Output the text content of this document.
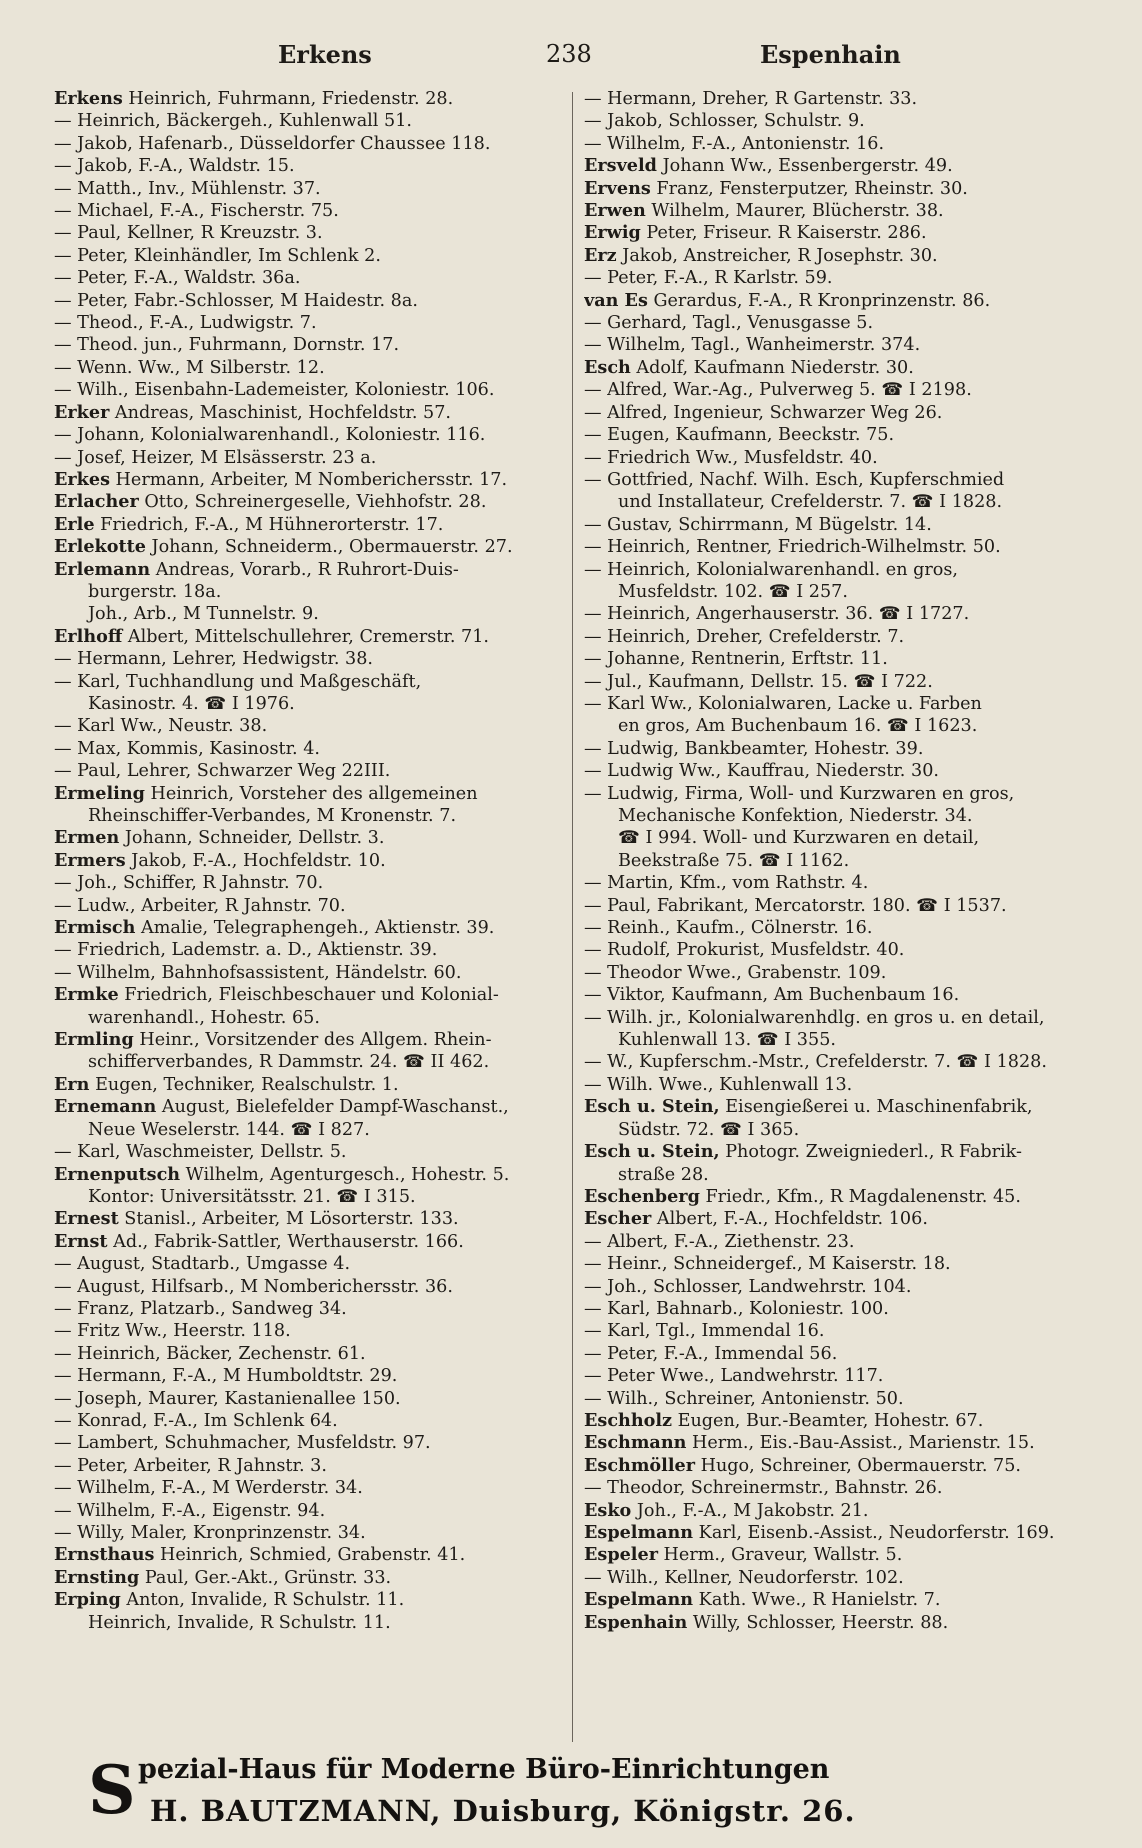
Erkens	238	Espenhain
Erkens Heinrich, Fuhrmann, Friedenstr. 28.
— Heinrich, Bäckergeh., Kuhlenwall 51.
— Jakob, Hafenarb., Düsseldorfer Chaussee 118.
— Jakob, F.-A., Waldstr. 15.
— Matth., Inv., Mühlenstr. 37.
— Michael, F.-A., Fischerstr. 75.
— Paul, Kellner, R Kreuzstr. 3.
— Peter, Kleinhändler, Im Schlenk 2.
— Peter, F.-A., Waldstr. 36a.
— Peter, Fabr.-Schlosser, M Haidestr. 8a.
— Theod., F.-A., Ludwigstr. 7.
— Theod. jun., Fuhrmann, Dornstr. 17.
— Wenn. Ww., M Silberstr. 12.
— Wilh., Eisenbahn-Lademeister, Koloniestr. 106.
Erker Andreas, Maschinist, Hochfeldstr. 57.
— Johann, Kolonialwarenhandl., Koloniestr. 116.
— Josef, Heizer, M Elsässerstr. 23 a.
Erkes Hermann, Arbeiter, M Nomberichersstr. 17.
Erlacher Otto, Schreinergeselle, Viehhofstr. 28.
Erle Friedrich, F.-A., M Hühnerorterstr. 17.
Erlekotte Johann, Schneiderm., Obermauerstr. 27.
Erlemann Andreas, Vorarb., R Ruhrort-Duis-
burgerstr. 18a.
Joh., Arb., M Tunnelstr. 9.
Erlhoff Albert, Mittelschullehrer, Cremerstr. 71.
— Hermann, Lehrer, Hedwigstr. 38.
— Karl, Tuchhandlung und Maßgeschäft,
Kasinostr. 4. ☎ I 1976.
— Karl Ww., Neustr. 38.
— Max, Kommis, Kasinostr. 4.
— Paul, Lehrer, Schwarzer Weg 22III.
Ermeling Heinrich, Vorsteher des allgemeinen
Rheinschiffer-Verbandes, M Kronenstr. 7.
Ermen Johann, Schneider, Dellstr. 3.
Ermers Jakob, F.-A., Hochfeldstr. 10.
— Joh., Schiffer, R Jahnstr. 70.
— Ludw., Arbeiter, R Jahnstr. 70.
Ermisch Amalie, Telegraphengeh., Aktienstr. 39.
— Friedrich, Lademstr. a. D., Aktienstr. 39.
— Wilhelm, Bahnhofsassistent, Händelstr. 60.
Ermke Friedrich, Fleischbeschauer und Kolonial-
warenhandl., Hohestr. 65.
Ermling Heinr., Vorsitzender des Allgem. Rhein-
schifferverbandes, R Dammstr. 24. ☎ II 462.
Ern Eugen, Techniker, Realschulstr. 1.
Ernemann August, Bielefelder Dampf-Waschanst.,
Neue Weselerstr. 144. ☎ I 827.
— Karl, Waschmeister, Dellstr. 5.
Ernenputsch Wilhelm, Agenturgesch., Hohestr. 5.
Kontor: Universitätsstr. 21. ☎ I 315.
Ernest Stanisl., Arbeiter, M Lösorterstr. 133.
Ernst Ad., Fabrik-Sattler, Werthauserstr. 166.
— August, Stadtarb., Umgasse 4.
— August, Hilfsarb., M Nomberichersstr. 36.
— Franz, Platzarb., Sandweg 34.
— Fritz Ww., Heerstr. 118.
— Heinrich, Bäcker, Zechenstr. 61.
— Hermann, F.-A., M Humboldtstr. 29.
— Joseph, Maurer, Kastanienallee 150.
— Konrad, F.-A., Im Schlenk 64.
— Lambert, Schuhmacher, Musfeldstr. 97.
— Peter, Arbeiter, R Jahnstr. 3.
— Wilhelm, F.-A., M Werderstr. 34.
— Wilhelm, F.-A., Eigenstr. 94.
— Willy, Maler, Kronprinzenstr. 34.
Ernsthaus Heinrich, Schmied, Grabenstr. 41.
Ernsting Paul, Ger.-Akt., Grünstr. 33.
Erping Anton, Invalide, R Schulstr. 11.
Heinrich, Invalide, R Schulstr. 11.
— Hermann, Dreher, R Gartenstr. 33.
— Jakob, Schlosser, Schulstr. 9.
— Wilhelm, F.-A., Antonienstr. 16.
Ersveld Johann Ww., Essenbergerstr. 49.
Ervens Franz, Fensterputzer, Rheinstr. 30.
Erwen Wilhelm, Maurer, Blücherstr. 38.
Erwig Peter, Friseur. R Kaiserstr. 286.
Erz Jakob, Anstreicher, R Josephstr. 30.
— Peter, F.-A., R Karlstr. 59.
van Es Gerardus, F.-A., R Kronprinzenstr. 86.
— Gerhard, Tagl., Venusgasse 5.
— Wilhelm, Tagl., Wanheimerstr. 374.
Esch Adolf, Kaufmann Niederstr. 30.
— Alfred, War.-Ag., Pulverweg 5. ☎ I 2198.
— Alfred, Ingenieur, Schwarzer Weg 26.
— Eugen, Kaufmann, Beeckstr. 75.
— Friedrich Ww., Musfeldstr. 40.
— Gottfried, Nachf. Wilh. Esch, Kupferschmied
und Installateur, Crefelderstr. 7. ☎ I 1828.
— Gustav, Schirrmann, M Bügelstr. 14.
— Heinrich, Rentner, Friedrich-Wilhelmstr. 50.
— Heinrich, Kolonialwarenhandl. en gros,
Musfeldstr. 102. ☎ I 257.
— Heinrich, Angerhauserstr. 36. ☎ I 1727.
— Heinrich, Dreher, Crefelderstr. 7.
— Johanne, Rentnerin, Erftstr. 11.
— Jul., Kaufmann, Dellstr. 15. ☎ I 722.
— Karl Ww., Kolonialwaren, Lacke u. Farben
en gros, Am Buchenbaum 16. ☎ I 1623.
— Ludwig, Bankbeamter, Hohestr. 39.
— Ludwig Ww., Kauffrau, Niederstr. 30.
— Ludwig, Firma, Woll- und Kurzwaren en gros,
Mechanische Konfektion, Niederstr. 34.
☎ I 994. Woll- und Kurzwaren en detail,
Beekstraße 75. ☎ I 1162.
— Martin, Kfm., vom Rathstr. 4.
— Paul, Fabrikant, Mercatorstr. 180. ☎ I 1537.
— Reinh., Kaufm., Cölnerstr. 16.
— Rudolf, Prokurist, Musfeldstr. 40.
— Theodor Wwe., Grabenstr. 109.
— Viktor, Kaufmann, Am Buchenbaum 16.
— Wilh. jr., Kolonialwarenhdlg. en gros u. en detail,
Kuhlenwall 13. ☎ I 355.
— W., Kupferschm.-Mstr., Crefelderstr. 7. ☎ I 1828.
— Wilh. Wwe., Kuhlenwall 13.
Esch u. Stein, Eisengießerei u. Maschinenfabrik,
Südstr. 72. ☎ I 365.
Esch u. Stein, Photogr. Zweigniederl., R Fabrik-
straße 28.
Eschenberg Friedr., Kfm., R Magdalenenstr. 45.
Escher Albert, F.-A., Hochfeldstr. 106.
— Albert, F.-A., Ziethenstr. 23.
— Heinr., Schneidergef., M Kaiserstr. 18.
— Joh., Schlosser, Landwehrstr. 104.
— Karl, Bahnarb., Koloniestr. 100.
— Karl, Tgl., Immendal 16.
— Peter, F.-A., Immendal 56.
— Peter Wwe., Landwehrstr. 117.
— Wilh., Schreiner, Antonienstr. 50.
Eschholz Eugen, Bur.-Beamter, Hohestr. 67.
Eschmann Herm., Eis.-Bau-Assist., Marienstr. 15.
Eschmöller Hugo, Schreiner, Obermauerstr. 75.
— Theodor, Schreinermstr., Bahnstr. 26.
Esko Joh., F.-A., M Jakobstr. 21.
Espelmann Karl, Eisenb.-Assist., Neudorferstr. 169.
Espeler Herm., Graveur, Wallstr. 5.
— Wilh., Kellner, Neudorferstr. 102.
Espelmann Kath. Wwe., R Hanielstr. 7.
Espenhain Willy, Schlosser, Heerstr. 88.
S pezial-Haus für Moderne Büro-Einrichtungen
H. BAUTZMANN, Duisburg, Königstr. 26.
